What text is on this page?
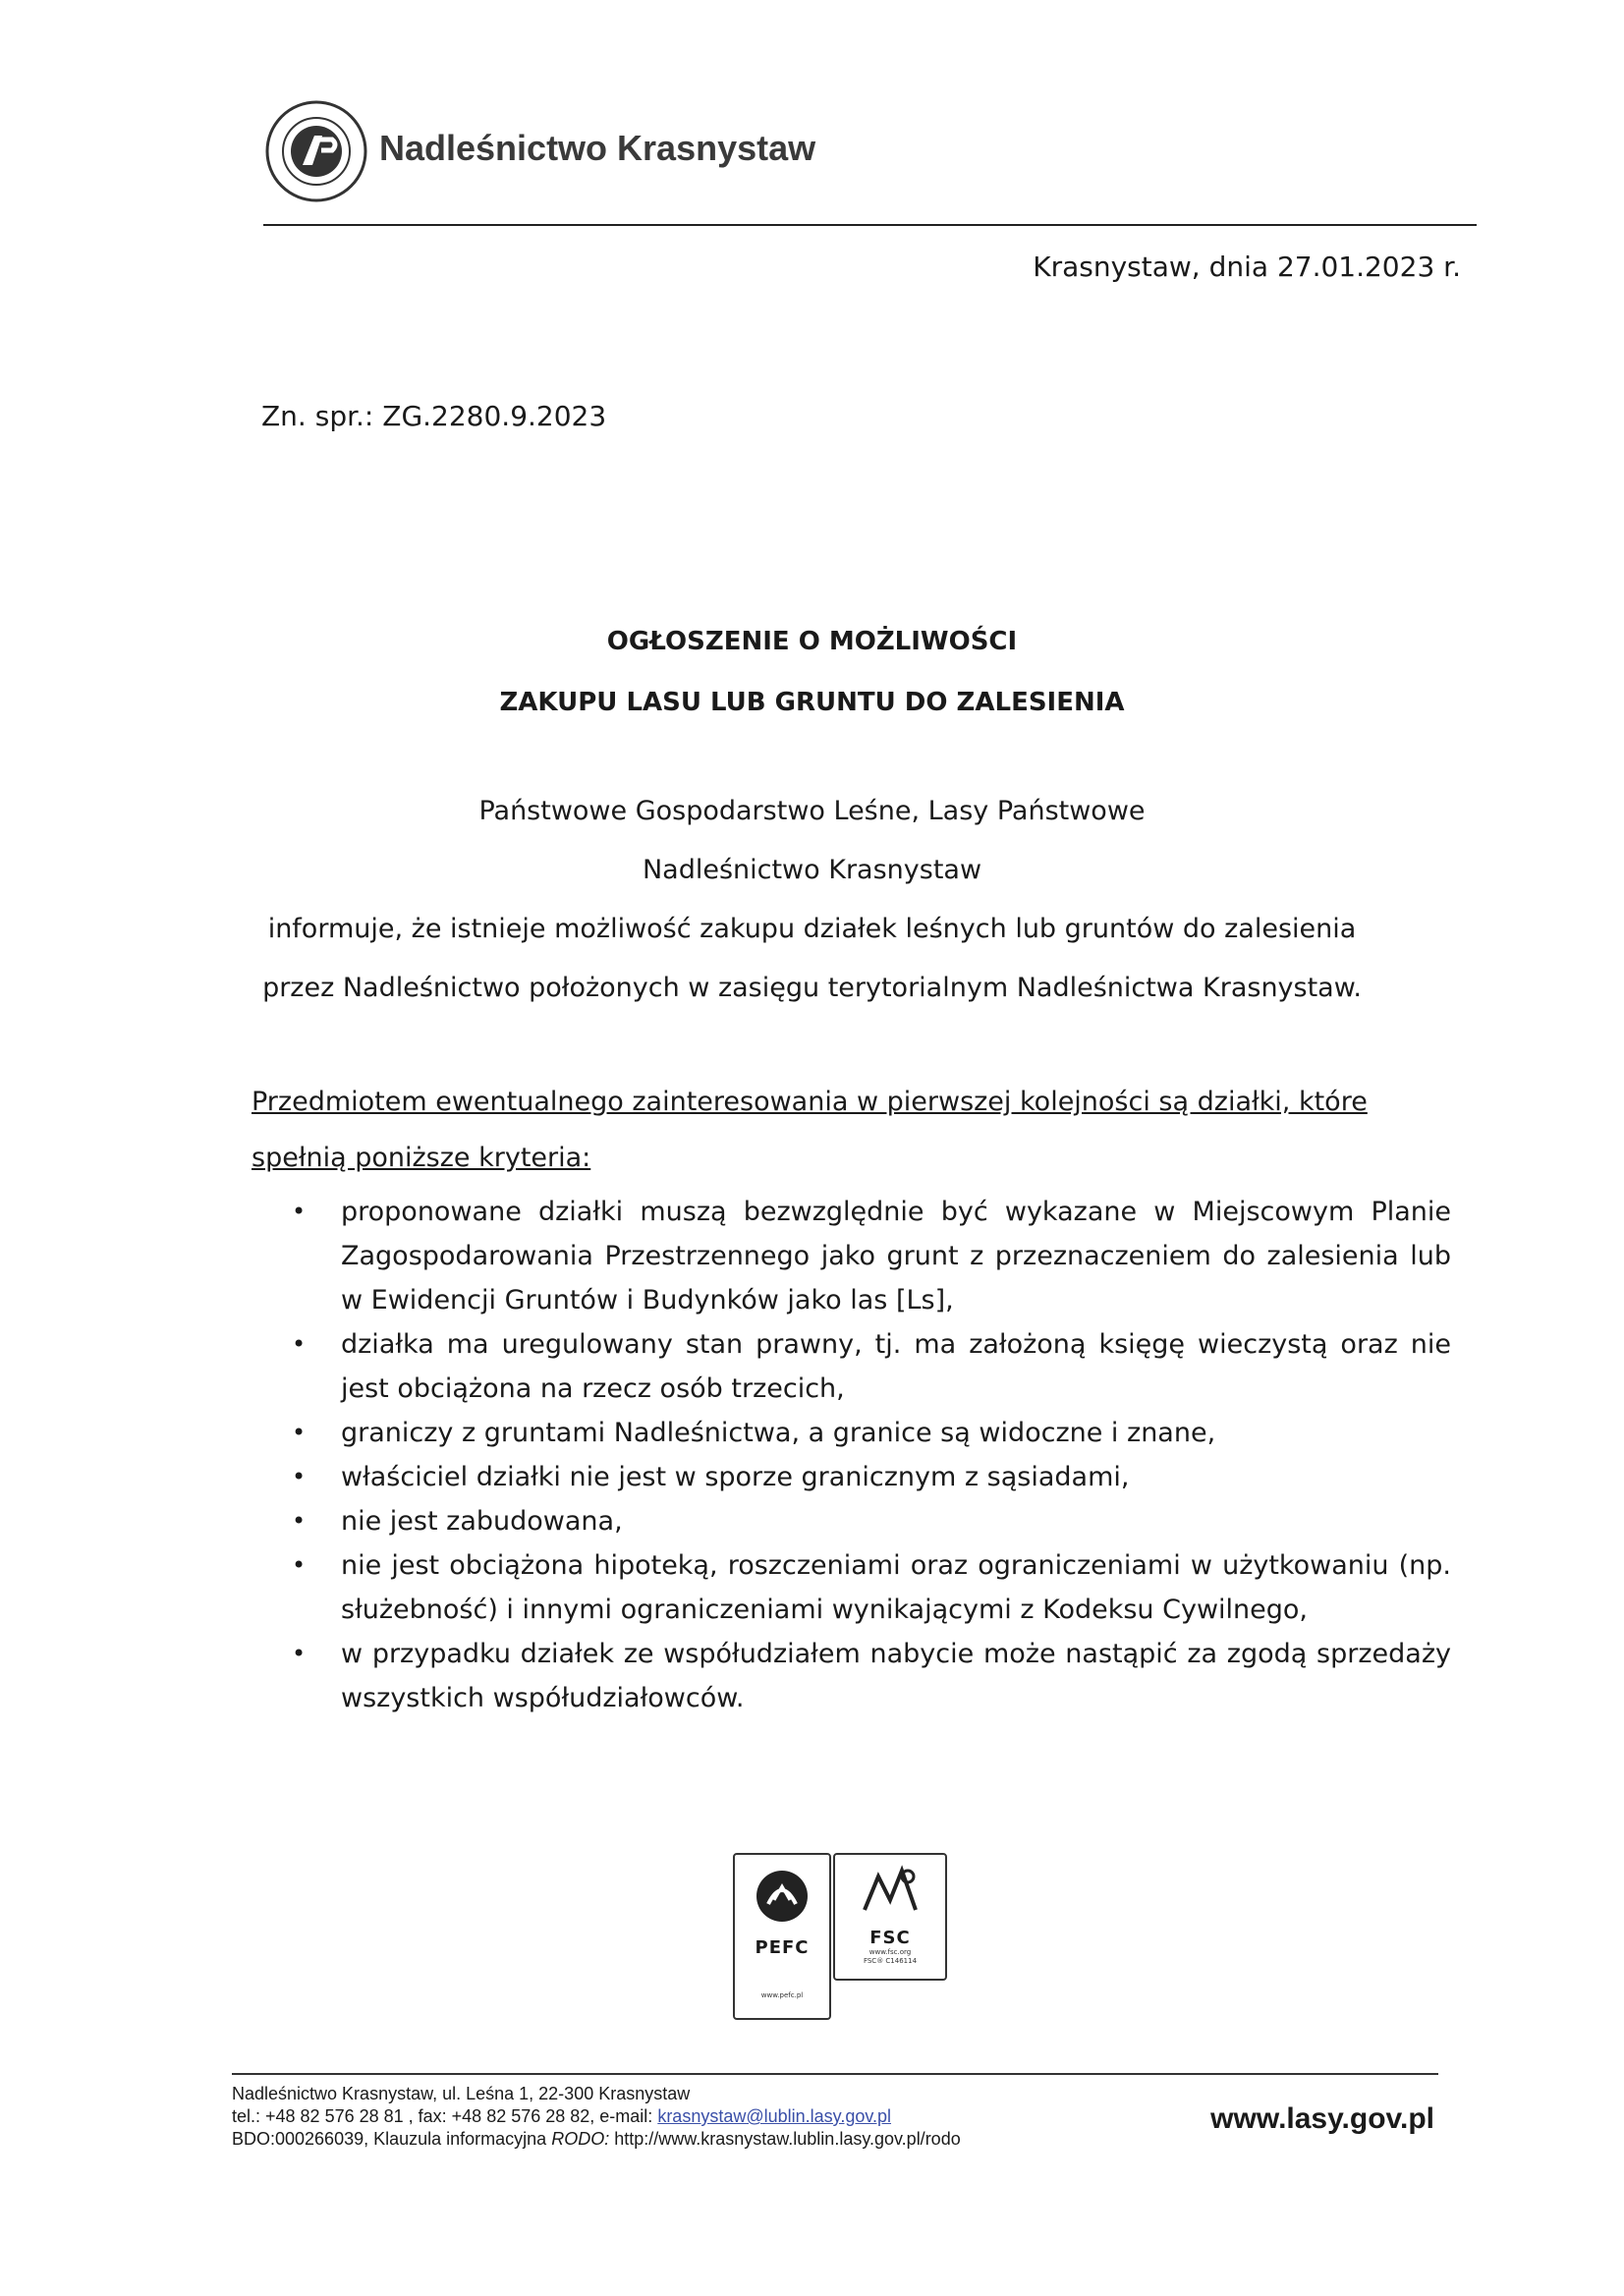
Nadleśnictwo Krasnystaw
Krasnystaw, dnia 27.01.2023 r.
Zn. spr.: ZG.2280.9.2023
OGŁOSZENIE O MOŻLIWOŚCI
ZAKUPU LASU LUB GRUNTU DO ZALESIENIA
Państwowe Gospodarstwo Leśne, Lasy Państwowe
Nadleśnictwo Krasnystaw
informuje, że istnieje możliwość zakupu działek leśnych lub gruntów do zalesienia
przez Nadleśnictwo położonych w zasięgu terytorialnym Nadleśnictwa Krasnystaw.
Przedmiotem ewentualnego zainteresowania w pierwszej kolejności są działki, które spełnią poniższe kryteria:
• proponowane działki muszą bezwzględnie być wykazane w Miejscowym Planie Zagospodarowania Przestrzennego jako grunt z przeznaczeniem do zalesienia lub w Ewidencji Gruntów i Budynków jako las [Ls],
• działka ma uregulowany stan prawny, tj. ma założoną księgę wieczystą oraz nie jest obciążona na rzecz osób trzecich,
• graniczy z gruntami Nadleśnictwa, a granice są widoczne i znane,
• właściciel działki nie jest w sporze granicznym z sąsiadami,
• nie jest zabudowana,
• nie jest obciążona hipoteką, roszczeniami oraz ograniczeniami w użytkowaniu (np. służebność) i innymi ograniczeniami wynikającymi z Kodeksu Cywilnego,
• w przypadku działek ze współudziałem nabycie może nastąpić za zgodą sprzedaży wszystkich współudziałowców.
PEFC
www.pefc.pl
FSC
www.fsc.org
FSC® C146114
Nadleśnictwo Krasnystaw, ul. Leśna 1, 22-300 Krasnystaw
tel.: +48 82 576 28 81 , fax: +48 82 576 28 82, e-mail: krasnystaw@lublin.lasy.gov.pl
BDO:000266039, Klauzula informacyjna RODO: http://www.krasnystaw.lublin.lasy.gov.pl/rodo
www.lasy.gov.pl
